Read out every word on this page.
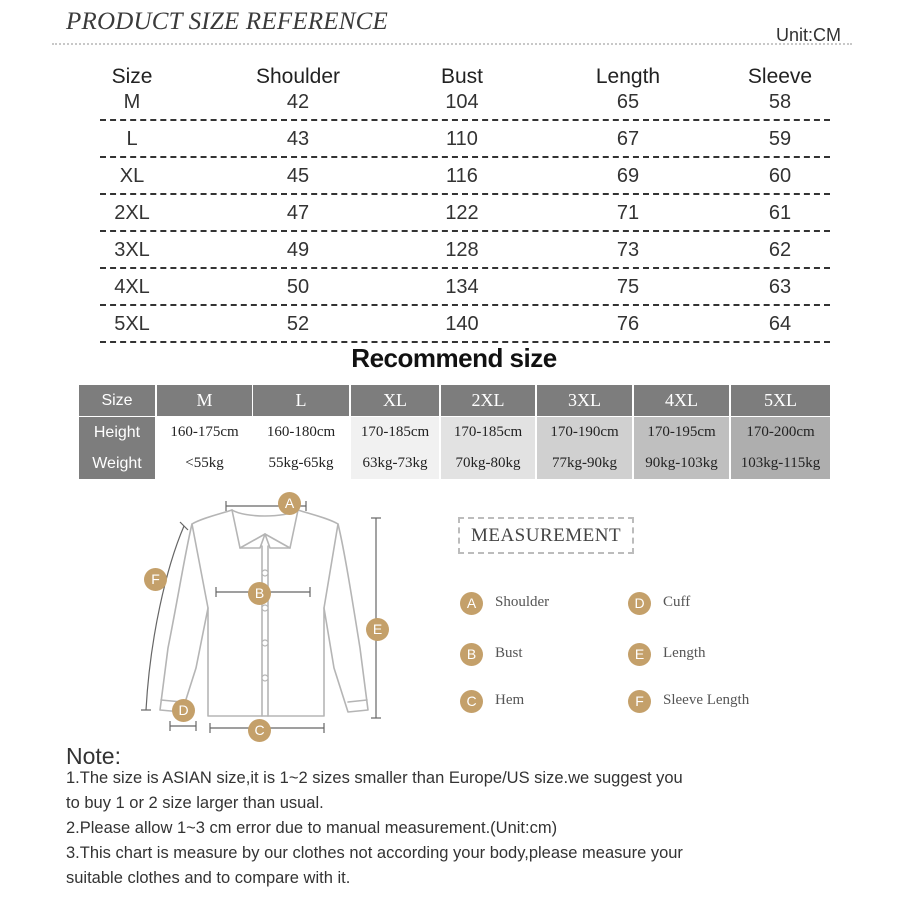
PRODUCT SIZE REFERENCE	Unit:CM
Size	Shoulder	Bust	Length	Sleeve
M	42	104	65	58
L	43	110	67	59
XL	45	116	69	60
2XL	47	122	71	61
3XL	49	128	73	62
4XL	50	134	75	63
5XL	52	140	76	64
Recommend size
Size	M	L	XL	2XL	3XL	4XL	5XL
Height	160-175cm	160-180cm	170-185cm	170-185cm	170-190cm	170-195cm	170-200cm
Weight	<55kg	55kg-65kg	63kg-73kg	70kg-80kg	77kg-90kg	90kg-103kg	103kg-115kg
A
B
C
D
E
F
MEASUREMENT
A	Shoulder
B	Bust
C	Hem
D	Cuff
E	Length
F	Sleeve Length
Note:
1.The size is ASIAN size,it is 1~2 sizes smaller than Europe/US size.we suggest you
to buy 1 or 2 size larger than usual.
2.Please allow 1~3 cm error due to manual measurement.(Unit:cm)
3.This chart is measure by our clothes not according your body,please measure your
suitable clothes and to compare with it.
